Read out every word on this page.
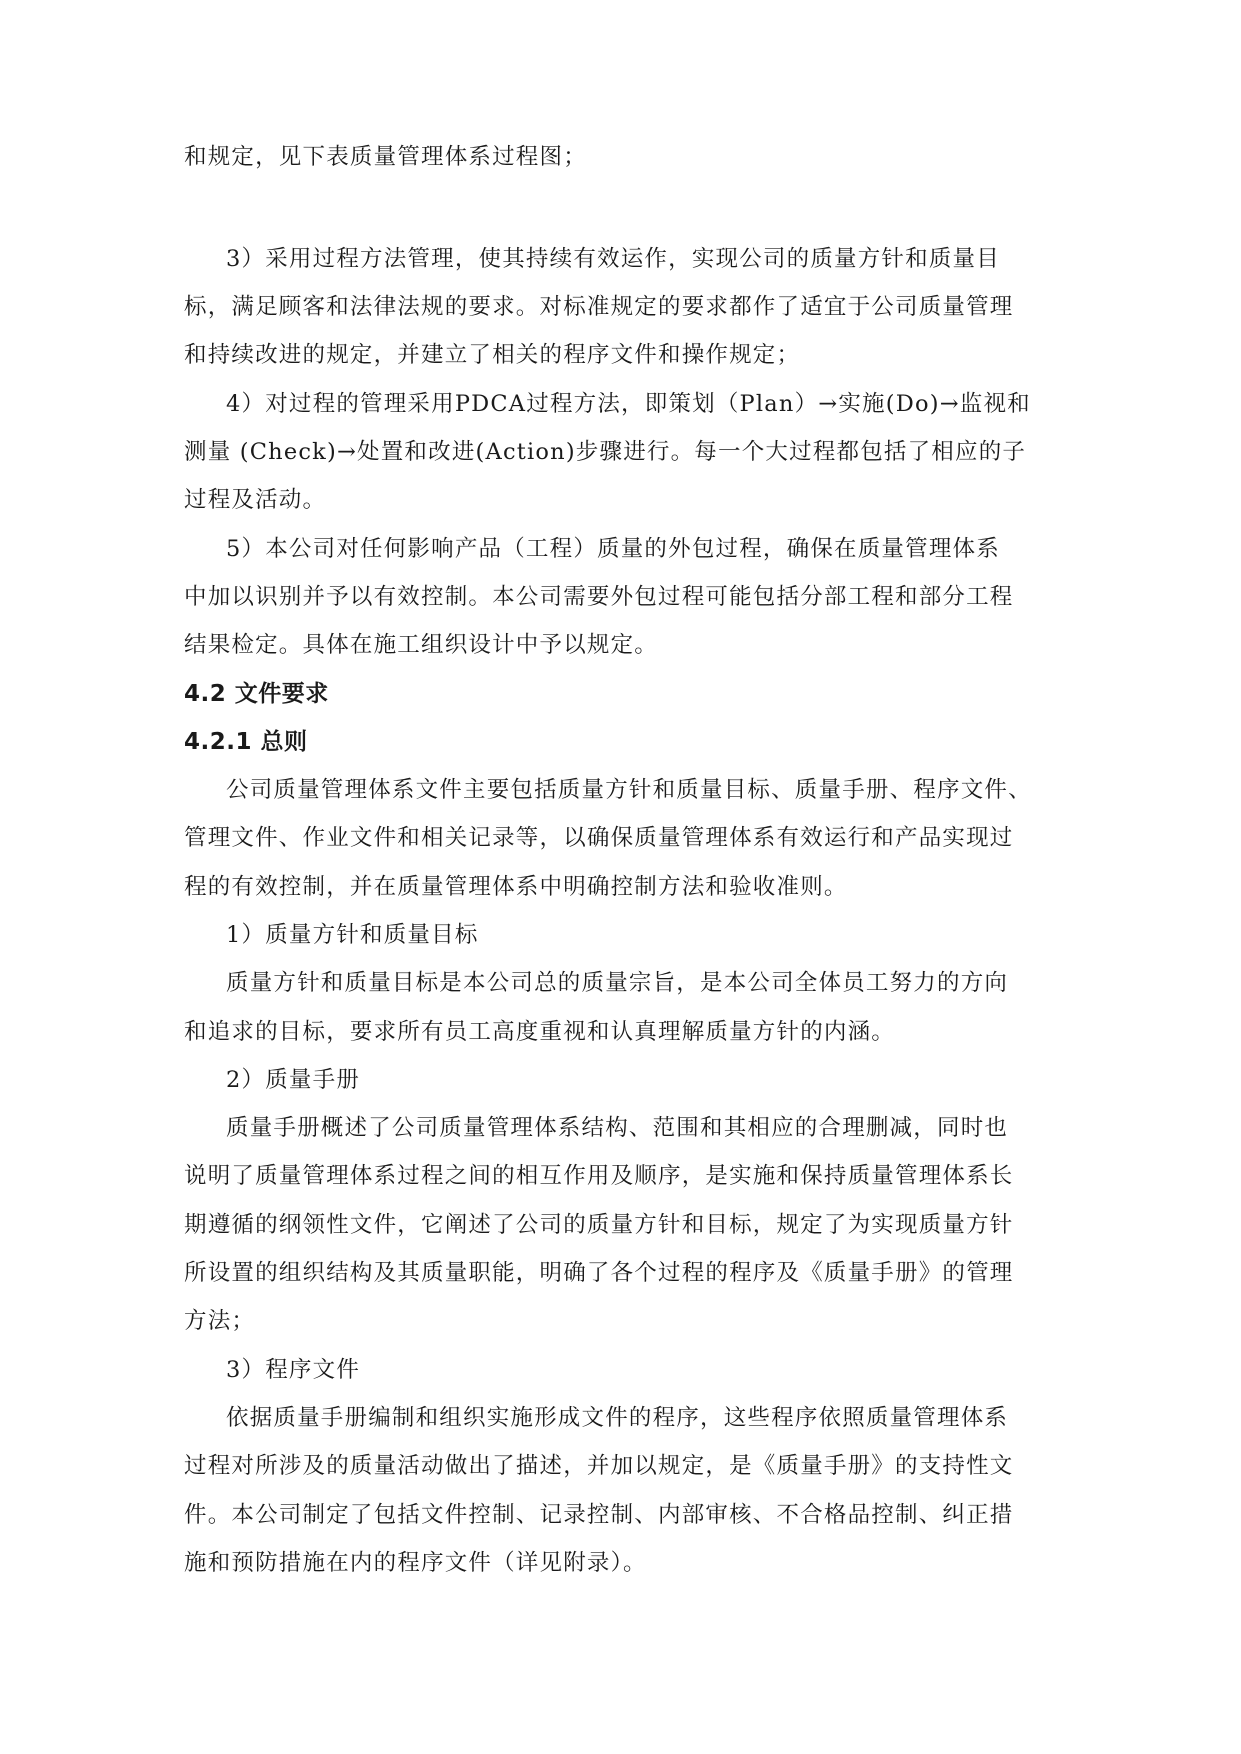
和规定，见下表质量管理体系过程图；
3）采用过程方法管理，使其持续有效运作，实现公司的质量方针和质量目
标，满足顾客和法律法规的要求。对标准规定的要求都作了适宜于公司质量管理
和持续改进的规定，并建立了相关的程序文件和操作规定；
4）对过程的管理采用PDCA过程方法，即策划（Plan）→实施(Do)→监视和
测量 (Check)→处置和改进(Action)步骤进行。每一个大过程都包括了相应的子
过程及活动。
5）本公司对任何影响产品（工程）质量的外包过程，确保在质量管理体系
中加以识别并予以有效控制。本公司需要外包过程可能包括分部工程和部分工程
结果检定。具体在施工组织设计中予以规定。
4.2 文件要求
4.2.1 总则
公司质量管理体系文件主要包括质量方针和质量目标、质量手册、程序文件、
管理文件、作业文件和相关记录等，以确保质量管理体系有效运行和产品实现过
程的有效控制，并在质量管理体系中明确控制方法和验收准则。
1）质量方针和质量目标
质量方针和质量目标是本公司总的质量宗旨，是本公司全体员工努力的方向
和追求的目标，要求所有员工高度重视和认真理解质量方针的内涵。
2）质量手册
质量手册概述了公司质量管理体系结构、范围和其相应的合理删减，同时也
说明了质量管理体系过程之间的相互作用及顺序，是实施和保持质量管理体系长
期遵循的纲领性文件，它阐述了公司的质量方针和目标，规定了为实现质量方针
所设置的组织结构及其质量职能，明确了各个过程的程序及《质量手册》的管理
方法；
3）程序文件
依据质量手册编制和组织实施形成文件的程序，这些程序依照质量管理体系
过程对所涉及的质量活动做出了描述，并加以规定，是《质量手册》的支持性文
件。本公司制定了包括文件控制、记录控制、内部审核、不合格品控制、纠正措
施和预防措施在内的程序文件（详见附录）。
